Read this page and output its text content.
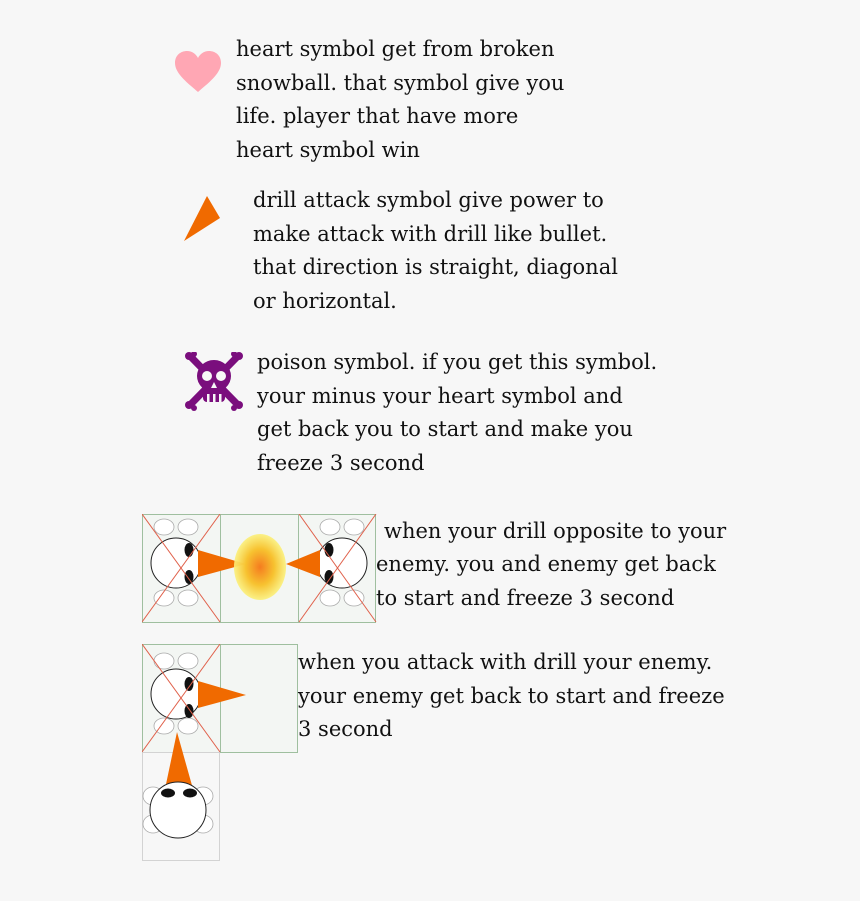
heart symbol get from broken
snowball. that symbol give you
life. player that have more
heart symbol win
drill attack symbol give power to
make attack with drill like bullet.
that direction is straight, diagonal
or horizontal.
poison symbol. if you get this symbol.
your minus your heart symbol and
get back you to start and make you
freeze 3 second
when your drill opposite to your
enemy. you and enemy get back
to start and freeze 3 second
when you attack with drill your enemy.
your enemy get back to start and freeze
3 second
